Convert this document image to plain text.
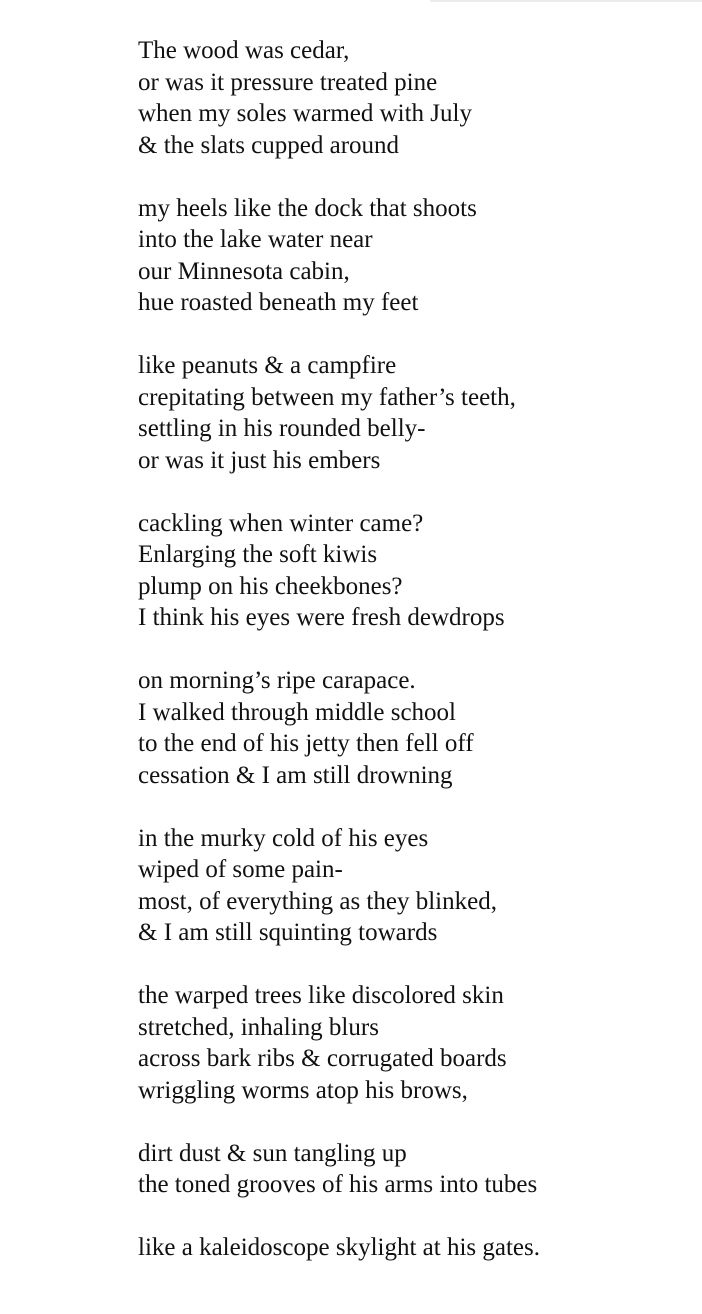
The wood was cedar,
or was it pressure treated pine
when my soles warmed with July
& the slats cupped around
my heels like the dock that shoots
into the lake water near
our Minnesota cabin,
hue roasted beneath my feet
like peanuts & a campfire
crepitating between my father’s teeth,
settling in his rounded belly-
or was it just his embers
cackling when winter came?
Enlarging the soft kiwis
plump on his cheekbones?
I think his eyes were fresh dewdrops
on morning’s ripe carapace.
I walked through middle school
to the end of his jetty then fell off
cessation & I am still drowning
in the murky cold of his eyes
wiped of some pain-
most, of everything as they blinked,
& I am still squinting towards
the warped trees like discolored skin
stretched, inhaling blurs
across bark ribs & corrugated boards
wriggling worms atop his brows,
dirt dust & sun tangling up
the toned grooves of his arms into tubes
like a kaleidoscope skylight at his gates.
